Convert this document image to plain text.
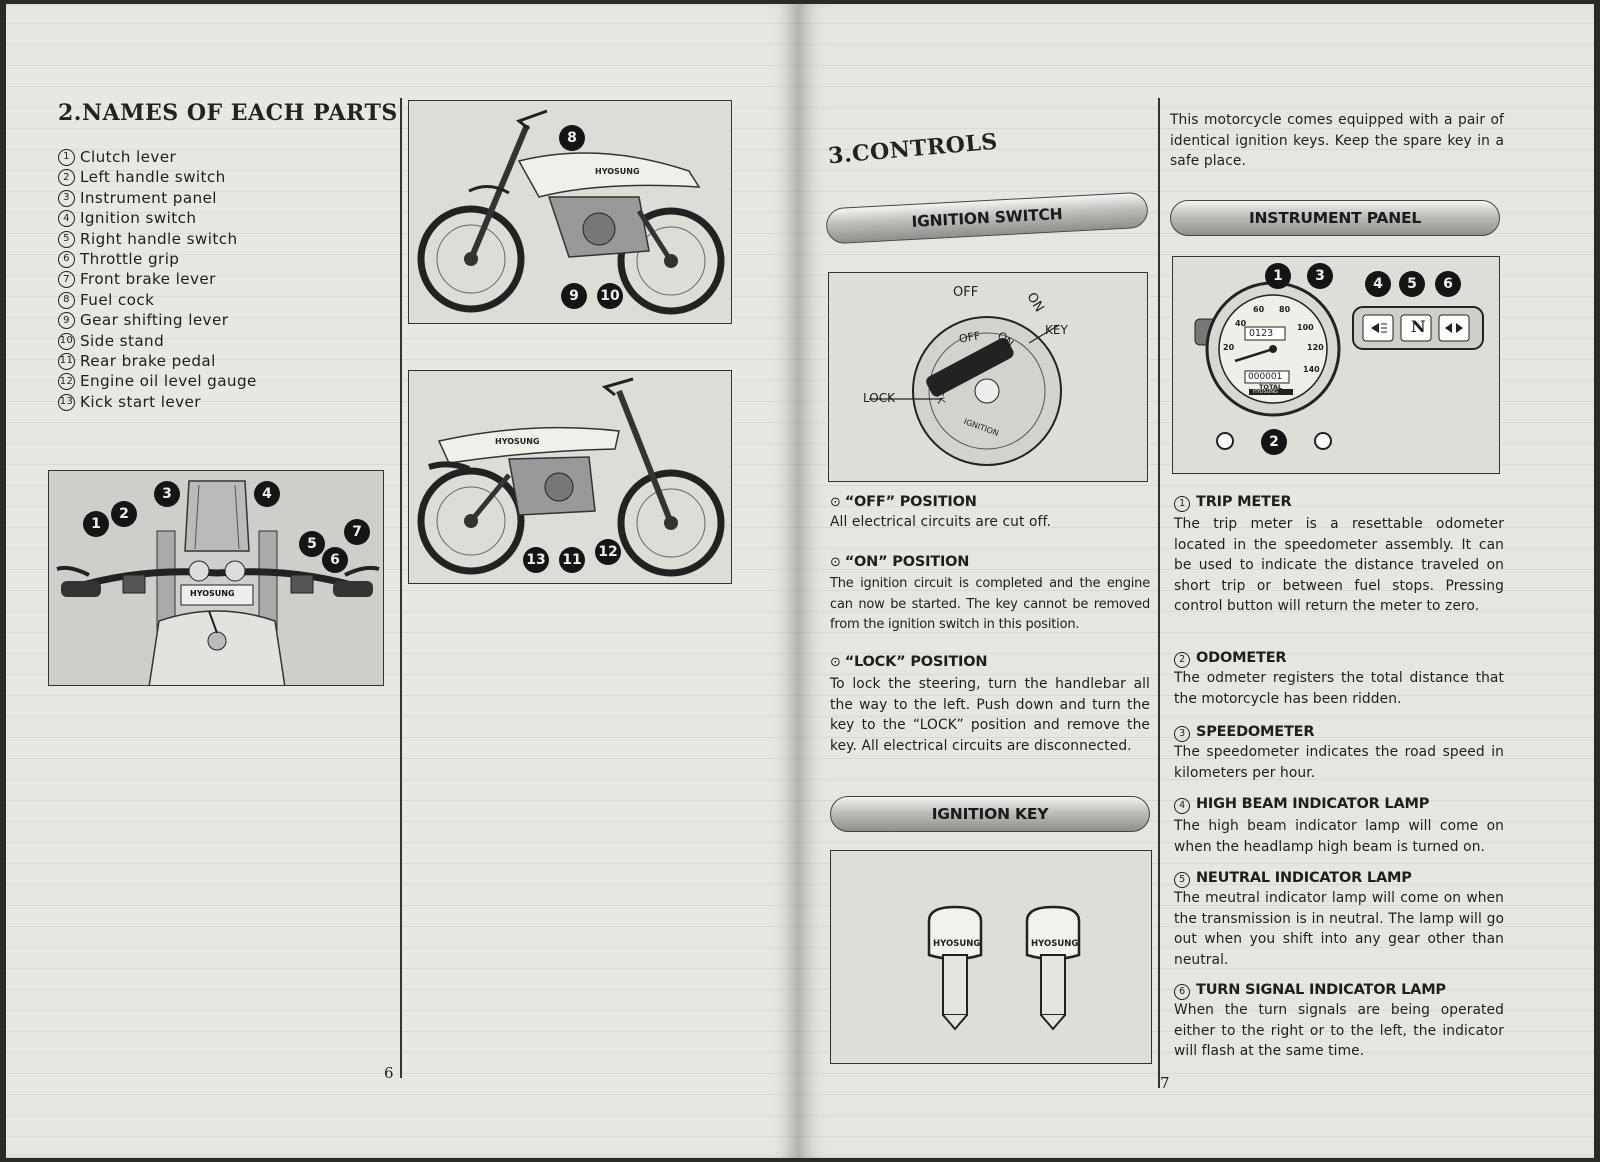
2.NAMES OF EACH PARTS
1 Clutch lever
2 Left handle switch
3 Instrument panel
4 Ignition switch
5 Right handle switch
6 Throttle grip
7 Front brake lever
8 Fuel cock
9 Gear shifting lever
10 Side stand
11 Rear brake pedal
12 Engine oil level gauge
13 Kick start lever
HYOSUNG
1
2
3	4
5
6
7
6
HYOSUNG
8
9	10
HYOSUNG
13 11 12
3.CONTROLS
IGNITION SWITCH
OFF	ON
KEY
LOCK
OFF ON
LOCK
IGNITION
⊙ “OFF” POSITION
All electrical circuits are cut off.
⊙ “ON” POSITION
The ignition circuit is completed and the engine can now be started. The key cannot be removed from the ignition switch in this position.
⊙ “LOCK” POSITION
To lock the steering, turn the handlebar all the way to the left. Push down and turn the key to the “LOCK” position and remove the key. All electrical circuits are disconnected.
IGNITION KEY
HYOSUNG	HYOSUNG
7
This motorcycle comes equipped with a pair of identical ignition keys. Keep the spare key in a safe place.
INSTRUMENT PANEL
0123
000001
TOTAL
HYOSUNG
20
40
60 80
100
120
140
N
1	3	4	5	6
2
1 TRIP METER
The trip meter is a resettable odometer located in the speedometer assembly. It can be used to indicate the distance traveled on short trip or between fuel stops. Pressing control button will return the meter to zero.
2 ODOMETER
The odmeter registers the total distance that the motorcycle has been ridden.
3 SPEEDOMETER
The speedometer indicates the road speed in kilometers per hour.
4 HIGH BEAM INDICATOR LAMP
The high beam indicator lamp will come on when the headlamp high beam is turned on.
5 NEUTRAL INDICATOR LAMP
The meutral indicator lamp will come on when the transmission is in neutral. The lamp will go out when you shift into any gear other than neutral.
6 TURN SIGNAL INDICATOR LAMP
When the turn signals are being operated either to the right or to the left, the indicator will flash at the same time.
